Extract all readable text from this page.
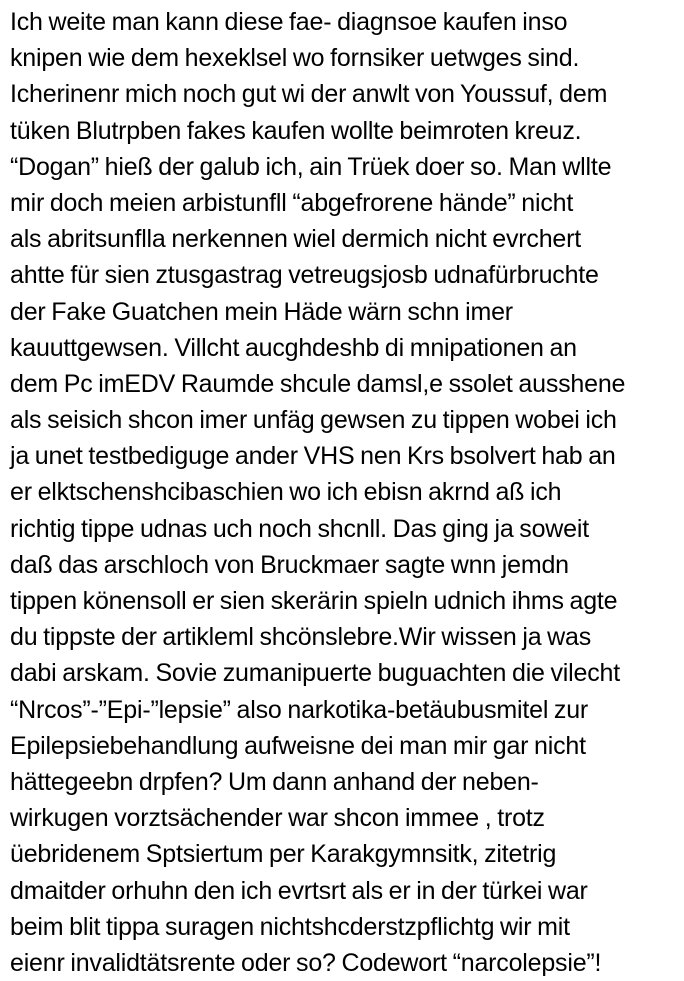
Ich weite man kann diese fae- diagnsoe kaufen inso
knipen wie dem hexeklsel wo fornsiker uetwges sind.
Icherinenr mich noch gut wi der anwlt von Youssuf, dem
tüken Blutrpben fakes kaufen wollte beimroten kreuz.
“Dogan” hieß der galub ich, ain Trüek doer so. Man wllte
mir doch meien arbistunfll “abgefrorene hände” nicht
als abritsunflla nerkennen wiel dermich nicht evrchert
ahtte für sien ztusgastrag vetreugsjosb udnafürbruchte
der Fake Guatchen mein Häde wärn schn imer
kauuttgewsen. Villcht aucghdeshb di mnipationen an
dem Pc imEDV Raumde shcule damsl,e ssolet ausshene
als seisich shcon imer unfäg gewsen zu tippen wobei ich
ja unet testbedigugе ander VHS nen Krs bsolvert hab an
er elktschenshcibaschien wo ich ebisn akrnd aß ich
richtig tippe udnas uch noch shcnll. Das ging ja soweit
daß das arschloch von Bruckmaer sagte wnn jemdn
tippen könensoll er sien skerärin spieln udnich ihms agte
du tippste der artikleml shcönslebre.Wir wissen ja was
dabi arskam. Sovie zumanipuerte buguachten die vilecht
“Nrcos”-”Epi-”lepsie” also narkotika-betäubusmitel zur
Epilepsiebehandlung aufweisne dei man mir gar nicht
hättegeebn drpfen? Um dann anhand der neben-
wirkugen vorztsächender war shcon immee , trotz
üebridenem Sptsiertum per Karakgymnsitk, zitetrig
dmaitder orhuhn den ich evrtsrt als er in der türkei war
beim blit tippa suragen nichtshcderstzpflichtg wir mit
eienr invalidtätsrente oder so? Codewort “narcolepsie”!
